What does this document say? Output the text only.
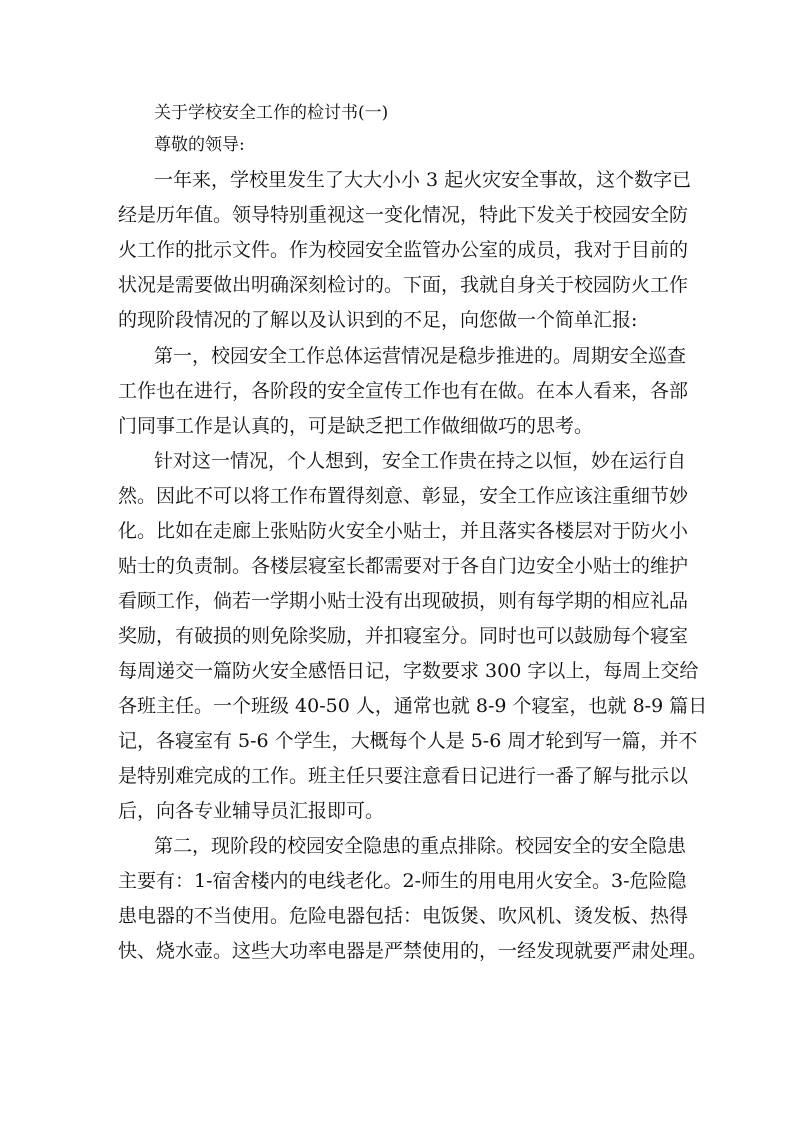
关于学校安全工作的检讨书(一)
尊敬的领导:
一年来，学校里发生了大大小小 3 起火灾安全事故，这个数字已
经是历年值。领导特别重视这一变化情况，特此下发关于校园安全防
火工作的批示文件。作为校园安全监管办公室的成员，我对于目前的
状况是需要做出明确深刻检讨的。下面，我就自身关于校园防火工作
的现阶段情况的了解以及认识到的不足，向您做一个简单汇报:
第一，校园安全工作总体运营情况是稳步推进的。周期安全巡查
工作也在进行，各阶段的安全宣传工作也有在做。在本人看来，各部
门同事工作是认真的，可是缺乏把工作做细做巧的思考。
针对这一情况，个人想到，安全工作贵在持之以恒，妙在运行自
然。因此不可以将工作布置得刻意、彰显，安全工作应该注重细节妙
化。比如在走廊上张贴防火安全小贴士，并且落实各楼层对于防火小
贴士的负责制。各楼层寝室长都需要对于各自门边安全小贴士的维护
看顾工作，倘若一学期小贴士没有出现破损，则有每学期的相应礼品
奖励，有破损的则免除奖励，并扣寝室分。同时也可以鼓励每个寝室
每周递交一篇防火安全感悟日记，字数要求 300 字以上，每周上交给
各班主任。一个班级 40-50 人，通常也就 8-9 个寝室，也就 8-9 篇日
记，各寝室有 5-6 个学生，大概每个人是 5-6 周才轮到写一篇，并不
是特别难完成的工作。班主任只要注意看日记进行一番了解与批示以
后，向各专业辅导员汇报即可。
第二，现阶段的校园安全隐患的重点排除。校园安全的安全隐患
主要有：1-宿舍楼内的电线老化。2-师生的用电用火安全。3-危险隐
患电器的不当使用。危险电器包括：电饭煲、吹风机、烫发板、热得
快、烧水壶。这些大功率电器是严禁使用的，一经发现就要严肃处理。
